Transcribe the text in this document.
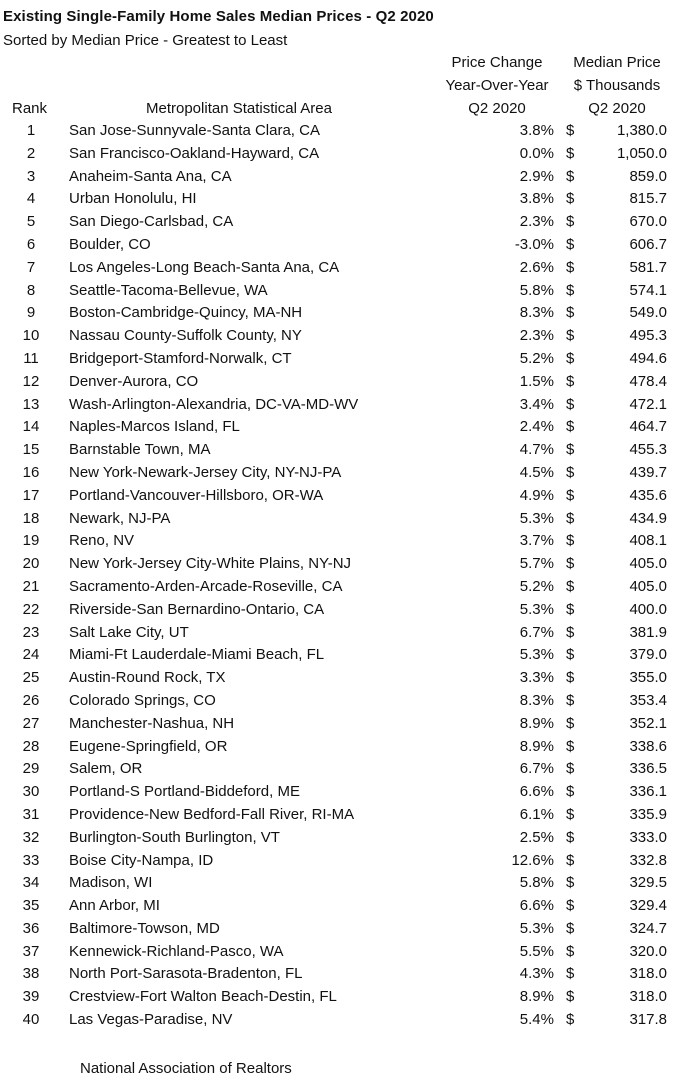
Existing Single-Family Home Sales Median Prices - Q2 2020
Sorted by Median Price - Greatest to Least
Rank	Metropolitan Statistical Area
Price Change
Year-Over-Year
Q2 2020
Median Price
$ Thousands
Q2 2020
1	San Jose-Sunnyvale-Santa Clara, CA	3.8% $	1,380.0
2	San Francisco-Oakland-Hayward, CA	0.0% $	1,050.0
3	Anaheim-Santa Ana, CA	2.9% $	859.0
4	Urban Honolulu, HI	3.8% $	815.7
5	San Diego-Carlsbad, CA	2.3% $	670.0
6	Boulder, CO	-3.0% $	606.7
7	Los Angeles-Long Beach-Santa Ana, CA	2.6% $	581.7
8	Seattle-Tacoma-Bellevue, WA	5.8% $	574.1
9	Boston-Cambridge-Quincy, MA-NH	8.3% $	549.0
10	Nassau County-Suffolk County, NY	2.3% $	495.3
11	Bridgeport-Stamford-Norwalk, CT	5.2% $	494.6
12	Denver-Aurora, CO	1.5% $	478.4
13	Wash-Arlington-Alexandria, DC-VA-MD-WV	3.4% $	472.1
14	Naples-Marcos Island, FL	2.4% $	464.7
15	Barnstable Town, MA	4.7% $	455.3
16	New York-Newark-Jersey City, NY-NJ-PA	4.5% $	439.7
17	Portland-Vancouver-Hillsboro, OR-WA	4.9% $	435.6
18	Newark, NJ-PA	5.3% $	434.9
19	Reno, NV	3.7% $	408.1
20	New York-Jersey City-White Plains, NY-NJ	5.7% $	405.0
21	Sacramento-Arden-Arcade-Roseville, CA	5.2% $	405.0
22	Riverside-San Bernardino-Ontario, CA	5.3% $	400.0
23	Salt Lake City, UT	6.7% $	381.9
24	Miami-Ft Lauderdale-Miami Beach, FL	5.3% $	379.0
25	Austin-Round Rock, TX	3.3% $	355.0
26	Colorado Springs, CO	8.3% $	353.4
27	Manchester-Nashua, NH	8.9% $	352.1
28	Eugene-Springfield, OR	8.9% $	338.6
29	Salem, OR	6.7% $	336.5
30	Portland-S Portland-Biddeford, ME	6.6% $	336.1
31	Providence-New Bedford-Fall River, RI-MA	6.1% $	335.9
32	Burlington-South Burlington, VT	2.5% $	333.0
33	Boise City-Nampa, ID	12.6% $	332.8
34	Madison, WI	5.8% $	329.5
35	Ann Arbor, MI	6.6% $	329.4
36	Baltimore-Towson, MD	5.3% $	324.7
37	Kennewick-Richland-Pasco, WA	5.5% $	320.0
38	North Port-Sarasota-Bradenton, FL	4.3% $	318.0
39	Crestview-Fort Walton Beach-Destin, FL	8.9% $	318.0
40	Las Vegas-Paradise, NV	5.4% $	317.8
National Association of Realtors
